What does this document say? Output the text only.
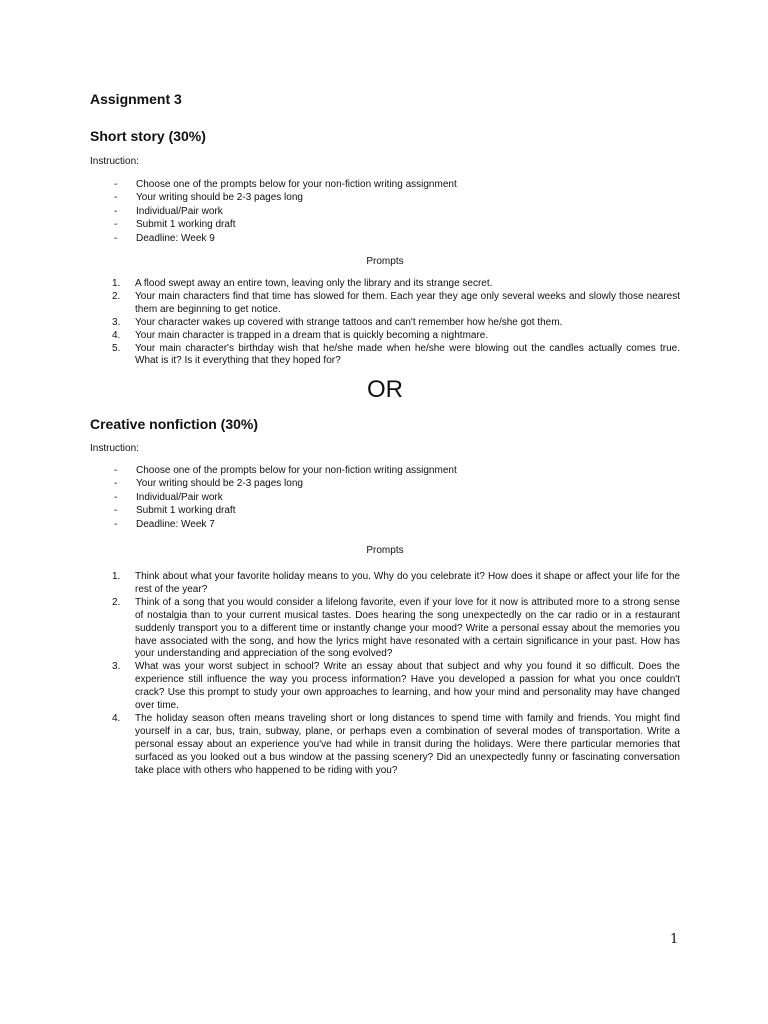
Assignment 3
Short story (30%)

Instruction:

- Choose one of the prompts below for your non-fiction writing assignment
- Your writing should be 2-3 pages long
- Individual/Pair work
- Submit 1 working draft
- Deadline: Week 9

Prompts

1. A flood swept away an entire town, leaving only the library and its strange secret.
2. Your main characters find that time has slowed for them. Each year they age only several weeks and slowly those nearest them are beginning to get notice.
3. Your character wakes up covered with strange tattoos and can't remember how he/she got them.
4. Your main character is trapped in a dream that is quickly becoming a nightmare.
5. Your main character's birthday wish that he/she made when he/she were blowing out the candles actually comes true. What is it? Is it everything that they hoped for?

OR

Creative nonfiction (30%)

Instruction:

- Choose one of the prompts below for your non-fiction writing assignment
- Your writing should be 2-3 pages long
- Individual/Pair work
- Submit 1 working draft
- Deadline: Week 7

Prompts

1. Think about what your favorite holiday means to you. Why do you celebrate it? How does it shape or affect your life for the rest of the year?
2. Think of a song that you would consider a lifelong favorite, even if your love for it now is attributed more to a strong sense of nostalgia than to your current musical tastes. Does hearing the song unexpectedly on the car radio or in a restaurant suddenly transport you to a different time or instantly change your mood? Write a personal essay about the memories you have associated with the song, and how the lyrics might have resonated with a certain significance in your past. How has your understanding and appreciation of the song evolved?
3. What was your worst subject in school? Write an essay about that subject and why you found it so difficult. Does the experience still influence the way you process information? Have you developed a passion for what you once couldn't crack? Use this prompt to study your own approaches to learning, and how your mind and personality may have changed over time.
4. The holiday season often means traveling short or long distances to spend time with family and friends. You might find yourself in a car, bus, train, subway, plane, or perhaps even a combination of several modes of transportation. Write a personal essay about an experience you've had while in transit during the holidays. Were there particular memories that surfaced as you looked out a bus window at the passing scenery? Did an unexpectedly funny or fascinating conversation take place with others who happened to be riding with you?
1
